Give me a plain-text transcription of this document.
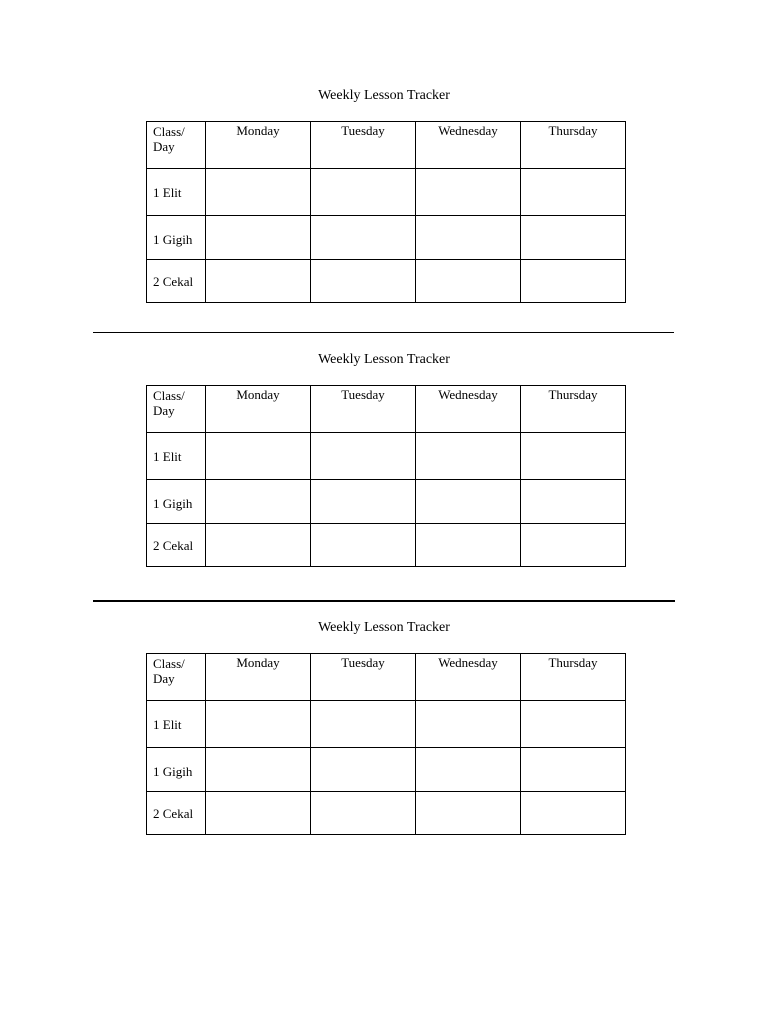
Weekly Lesson Tracker
Class/ Day	Monday	Tuesday	Wednesday	Thursday

1 Elit				

1 Gigih				

2 Cekal				

Weekly Lesson Tracker
Class/ Day	Monday	Tuesday	Wednesday	Thursday

1 Elit				

1 Gigih				

2 Cekal				

Weekly Lesson Tracker
Class/ Day	Monday	Tuesday	Wednesday	Thursday

1 Elit				

1 Gigih				

2 Cekal				
